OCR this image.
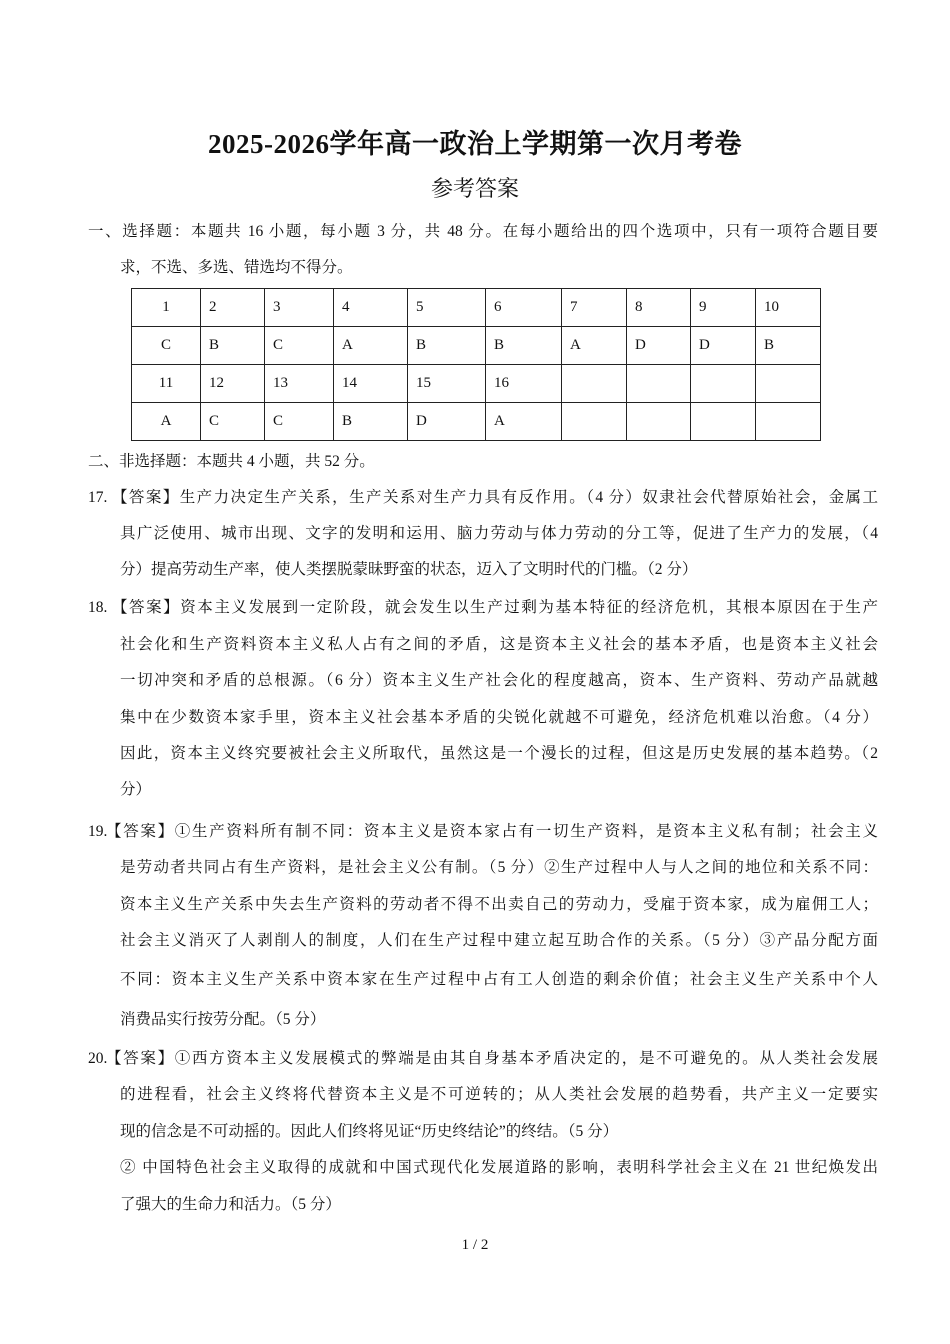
2025-2026学年高一政治上学期第一次月考卷
参考答案
一、选择题：本题共 16 小题，每小题 3 分，共 48 分。在每小题给出的四个选项中，只有一项符合题目要
求，不选、多选、错选均不得分。
1	2	3	4	5	6	7	8	9	10
C	B	C	A	B	B	A	D	D	B
11	12	13	14	15	16				
A	C	C	B	D	A				
二、非选择题：本题共 4 小题，共 52 分。
17. 【答案】生产力决定生产关系，生产关系对生产力具有反作用。（4 分）奴隶社会代替原始社会，金属工
具广泛使用、城市出现、文字的发明和运用、脑力劳动与体力劳动的分工等，促进了生产力的发展，（4
分）提高劳动生产率，使人类摆脱蒙昧野蛮的状态，迈入了文明时代的门槛。（2 分）
18. 【答案】资本主义发展到一定阶段，就会发生以生产过剩为基本特征的经济危机，其根本原因在于生产
社会化和生产资料资本主义私人占有之间的矛盾，这是资本主义社会的基本矛盾，也是资本主义社会
一切冲突和矛盾的总根源。（6 分）资本主义生产社会化的程度越高，资本、生产资料、劳动产品就越
集中在少数资本家手里，资本主义社会基本矛盾的尖锐化就越不可避免，经济危机难以治愈。（4 分）
因此，资本主义终究要被社会主义所取代，虽然这是一个漫长的过程，但这是历史发展的基本趋势。（2
分）
19.
【答案】①生产资料所有制不同：资本主义是资本家占有一切生产资料，是资本主义私有制；社会主义
是劳动者共同占有生产资料，是社会主义公有制。（5 分）②生产过程中人与人之间的地位和关系不同：
资本主义生产关系中失去生产资料的劳动者不得不出卖自己的劳动力，受雇于资本家，成为雇佣工人；
社会主义消灭了人剥削人的制度，人们在生产过程中建立起互助合作的关系。（5 分）③产品分配方面
不同：资本主义生产关系中资本家在生产过程中占有工人创造的剩余价值；社会主义生产关系中个人
消费品实行按劳分配。（5 分）
20.
【答案】①西方资本主义发展模式的弊端是由其自身基本矛盾决定的，是不可避免的。从人类社会发展
的进程看，社会主义终将代替资本主义是不可逆转的；从人类社会发展的趋势看，共产主义一定要实
现的信念是不可动摇的。因此人们终将见证“历史终结论”的终结。（5 分）
② 中国特色社会主义取得的成就和中国式现代化发展道路的影响，表明科学社会主义在 21 世纪焕发出
了强大的生命力和活力。（5 分）
1 / 2
